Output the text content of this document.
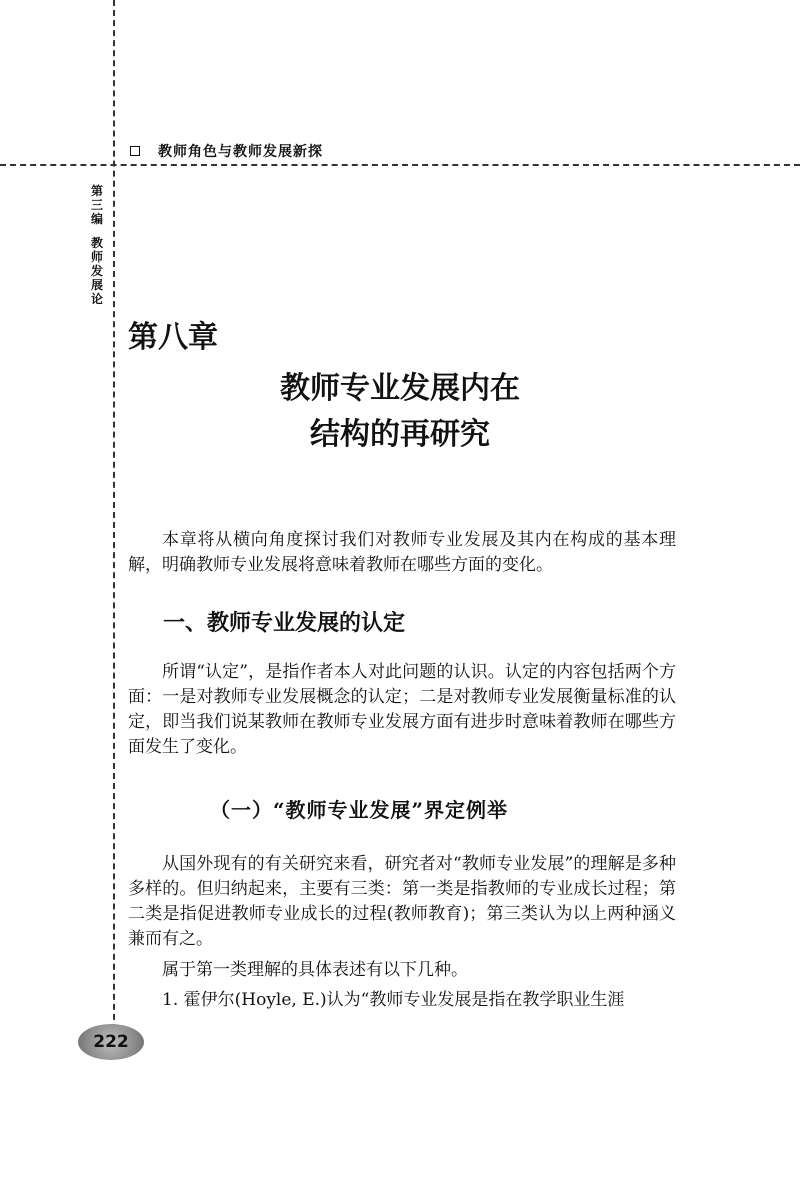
教师角色与教师发展新探
第三编
教师发展论
第八章
教师专业发展内在
结构的再研究

本章将从横向角度探讨我们对教师专业发展及其内在构成的基本理解，明确教师专业发展将意味着教师在哪些方面的变化。

一、教师专业发展的认定

所谓“认定”，是指作者本人对此问题的认识。认定的内容包括两个方面：一是对教师专业发展概念的认定；二是对教师专业发展衡量标准的认定，即当我们说某教师在教师专业发展方面有进步时意味着教师在哪些方面发生了变化。

（一）“教师专业发展”界定例举

从国外现有的有关研究来看，研究者对“教师专业发展”的理解是多种多样的。但归纳起来，主要有三类：第一类是指教师的专业成长过程；第二类是指促进教师专业成长的过程(教师教育)；第三类认为以上两种涵义兼而有之。

属于第一类理解的具体表述有以下几种。

1. 霍伊尔(Hoyle, E.)认为“教师专业发展是指在教学职业生涯

222
